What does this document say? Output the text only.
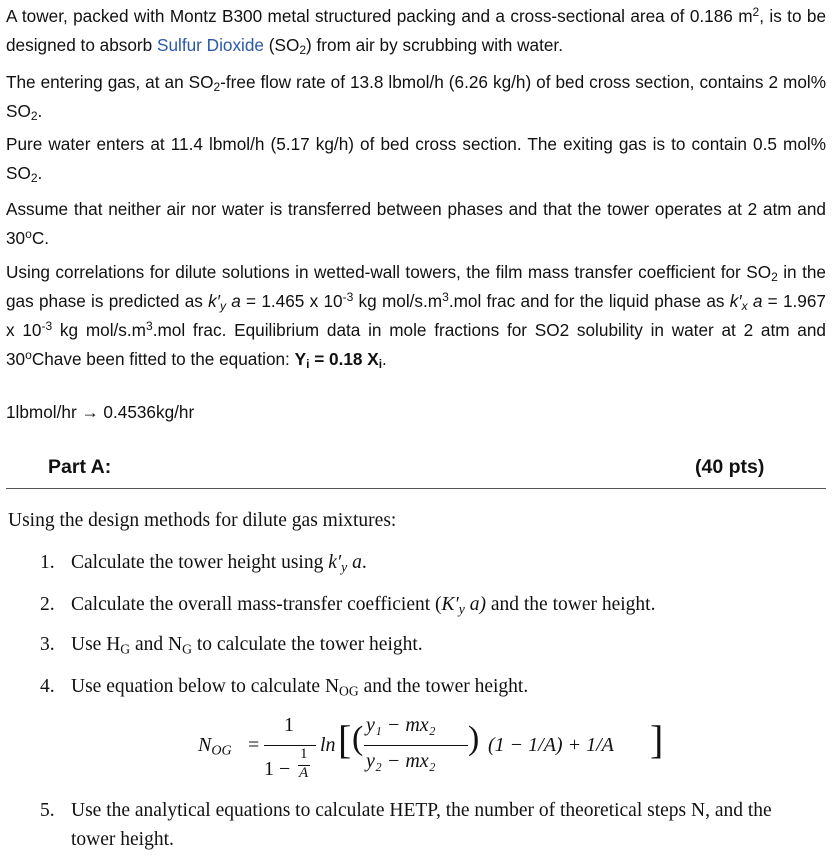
A tower, packed with Montz B300 metal structured packing and a cross-sectional area of 0.186 $m^2$, is to be designed to absorb Sulfur Dioxide $(SO_2)$ from air by scrubbing with water.

The entering gas, at an $SO_2$-free flow rate of 13.8 lbmol/h (6.26 kg/h) of bed cross section, contains 2 mol% $SO_2$.

Pure water enters at 11.4 lbmol/h (5.17 kg/h) of bed cross section. The exiting gas is to contain 0.5 mol% $SO_2$.

Assume that neither air nor water is transferred between phases and that the tower operates at 2 atm and 30$^o$C.

Using correlations for dilute solutions in wetted-wall towers, the film mass transfer coefficient for $SO_2$ in the gas phase is predicted as $k'_y$ a = 1.465 x $10^{-3}$ kg mol/$s.m^3.mol$ frac and for the liquid phase as $k'_x$ a = 1.967 x $10^{-3}$ kg mol/$s.m^3.mol$ frac. Equilibrium data in mole fractions for SO2 solubility in water at 2 atm and 30$^o$Chave been fitted to the equation: $Y_i = 0.18$ $X_i$.

1lbmol/hr → 0.4536kg/hr

Part A:	(40 pts)

Using the design methods for dilute gas mixtures:

1. Calculate the tower height using $k'_y$ a.

2. Calculate the overall mass-transfer coefficient ($K'_y$ a) and the tower height.

3. Use $H_G$ and $N_G$ to calculate the tower height.

4. Use equation below to calculate $N_{OG}$ and the tower height.

$N_{OG}$ =
1
1 −
1
A
ln [ ( y₁ − mx₂
y₂ − mx₂
) (1 − 1/A) + 1/A ]

5. Use the analytical equations to calculate HETP, the number of theoretical steps N, and the tower height.
